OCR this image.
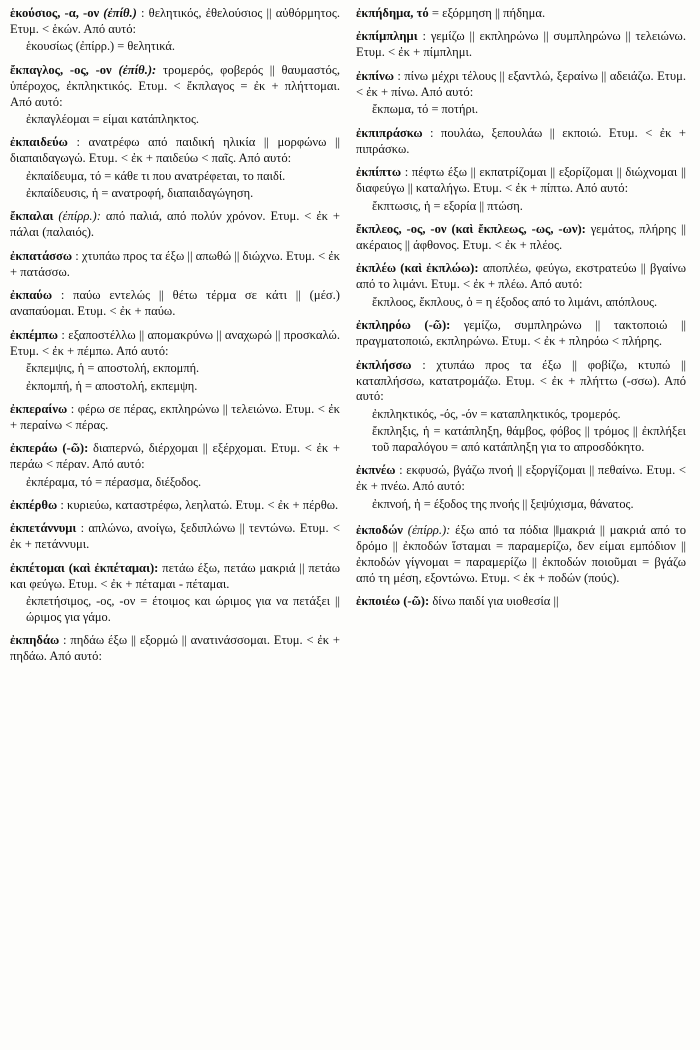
ἑκούσιος, -α, -ον (ἐπίθ.) : θελητικός, ἐθελούσιος || αὐθόρμητος. Ετυμ. < ἑκών. Από αυτό:
ἑκουσίως (ἐπίρρ.) = θελητικά.
ἔκπαγλος, -ος, -ον (ἐπίθ.): τρομερός, φοβερός || θαυμαστός, ὑπέροχος, ἐκπληκτικός. Ετυμ. < ἔκπλαγος = ἐκ + πλήττομαι. Από αυτό:
ἐκπαγλέομαι = είμαι κατάπληκτος.
ἐκπαιδεύω : ανατρέφω από παιδική ηλικία || μορφώνω || διαπαιδαγωγώ. Ετυμ. < ἐκ + παιδεύω < παῖς. Από αυτό:
ἐκπαίδευμα, τό = κάθε τι που ανατρέφεται, το παιδί.
ἐκπαίδευσις, ἡ = ανατροφή, διαπαιδαγώγηση.
ἔκπαλαι (ἐπίρρ.): από παλιά, από πολύν χρόνον. Ετυμ. < ἐκ + πάλαι (παλαιός).
ἐκπατάσσω : χτυπάω προς τα έξω || απωθώ || διώχνω. Ετυμ. < ἐκ + πατάσσω.
ἐκπαύω : παύω εντελώς || θέτω τέρμα σε κάτι || (μέσ.) αναπαύομαι. Ετυμ. < ἐκ + παύω.
ἐκπέμπω : εξαποστέλλω || απομακρύνω || αναχωρώ || προσκαλώ. Ετυμ. < ἐκ + πέμπω. Από αυτό:
ἔκπεμψις, ἡ = αποστολή, εκπομπή.
ἐκπομπή, ἡ = αποστολή, εκπεμψη.
ἐκπεραίνω : φέρω σε πέρας, εκπληρώνω || τελειώνω. Ετυμ. < ἐκ + περαίνω < πέρας.
ἐκπεράω (-ῶ): διαπερνώ, διέρχομαι || εξέρχομαι. Ετυμ. < ἐκ + περάω < πέραν. Από αυτό:
ἐκπέραμα, τό = πέρασμα, διέξοδος.
ἐκπέρθω : κυριεύω, καταστρέφω, λεηλατώ. Ετυμ. < ἐκ + πέρθω.
ἐκπετάννυμι : απλώνω, ανοίγω, ξεδιπλώνω || τεντώνω. Ετυμ. < ἐκ + πετάννυμι.
ἐκπέτομαι (καὶ ἐκπέταμαι): πετάω έξω, πετάω μακριά || πετάω και φεύγω. Ετυμ. < ἐκ + πέταμαι - πέταμαι.
ἐκπετήσιμος, -ος, -ον = έτοιμος και ώριμος για να πετάξει || ώριμος για γάμο.
ἐκπηδάω : πηδάω έξω || εξορμώ || ανατινάσσομαι. Ετυμ. < ἐκ + πηδάω. Από αυτό:
ἐκπήδημα, τό = εξόρμηση || πήδημα.
ἐκπίμπλημι : γεμίζω || εκπληρώνω || συμπληρώνω || τελειώνω. Ετυμ. < ἐκ + πίμπλημι.
ἐκπίνω : πίνω μέχρι τέλους || εξαντλώ, ξεραίνω || αδειάζω. Ετυμ. < ἐκ + πίνω. Από αυτό:
ἔκπωμα, τό = ποτήρι.
ἐκπιπράσκω : πουλάω, ξεπουλάω || εκποιώ. Ετυμ. < ἐκ + πιπράσκω.
ἐκπίπτω : πέφτω έξω || εκπατρίζομαι || εξορίζομαι || διώχνομαι || διαφεύγω || καταλήγω. Ετυμ. < ἐκ + πίπτω. Από αυτό:
ἔκπτωσις, ἡ = εξορία || πτώση.
ἔκπλεος, -ος, -ον (καὶ ἔκπλεως, -ως, -ων): γεμάτος, πλήρης || ακέραιος || άφθονος. Ετυμ. < ἐκ + πλέος.
ἐκπλέω (καὶ ἐκπλώω): αποπλέω, φεύγω, εκστρατεύω || βγαίνω από το λιμάνι. Ετυμ. < ἐκ + πλέω. Από αυτό:
ἔκπλοος, ἔκπλους, ὁ = η έξοδος από το λιμάνι, απόπλους.
ἐκπληρόω (-ῶ): γεμίζω, συμπληρώνω || τακτοποιώ || πραγματοποιώ, εκπληρώνω. Ετυμ. < ἐκ + πληρόω < πλήρης.
ἐκπλήσσω : χτυπάω προς τα έξω || φοβίζω, κτυπώ || καταπλήσσω, κατατρομάζω. Ετυμ. < ἐκ + πλήττω (-σσω). Από αυτό:
ἐκπληκτικός, -ός, -όν = καταπληκτικός, τρομερός.
ἔκπληξις, ἡ = κατάπληξη, θάμβος, φόβος || τρόμος || ἐκπλήξει τοῦ παραλόγου = από κατάπληξη για το απροσδόκητο.
ἐκπνέω : εκφυσώ, βγάζω πνοή || εξοργίζομαι || πεθαίνω. Ετυμ. < ἐκ + πνέω. Από αυτό:
ἐκπνοή, ἡ = έξοδος της πνοής || ξεψύχισμα, θάνατος.
ἐκποδών (ἐπίρρ.): έξω από τα πόδια |‖μακριά || μακριά από το δρόμο || ἐκποδών ἵσταμαι = παραμερίζω, δεν είμαι εμπόδιον || ἐκποδών γίγνομαι = παραμερίζω || ἐκποδών ποιοῦμαι = βγάζω από τη μέση, εξοντώνω. Ετυμ. < ἐκ + ποδών (πούς).
ἐκποιέω (-ῶ): δίνω παιδί για υιοθεσία ||
